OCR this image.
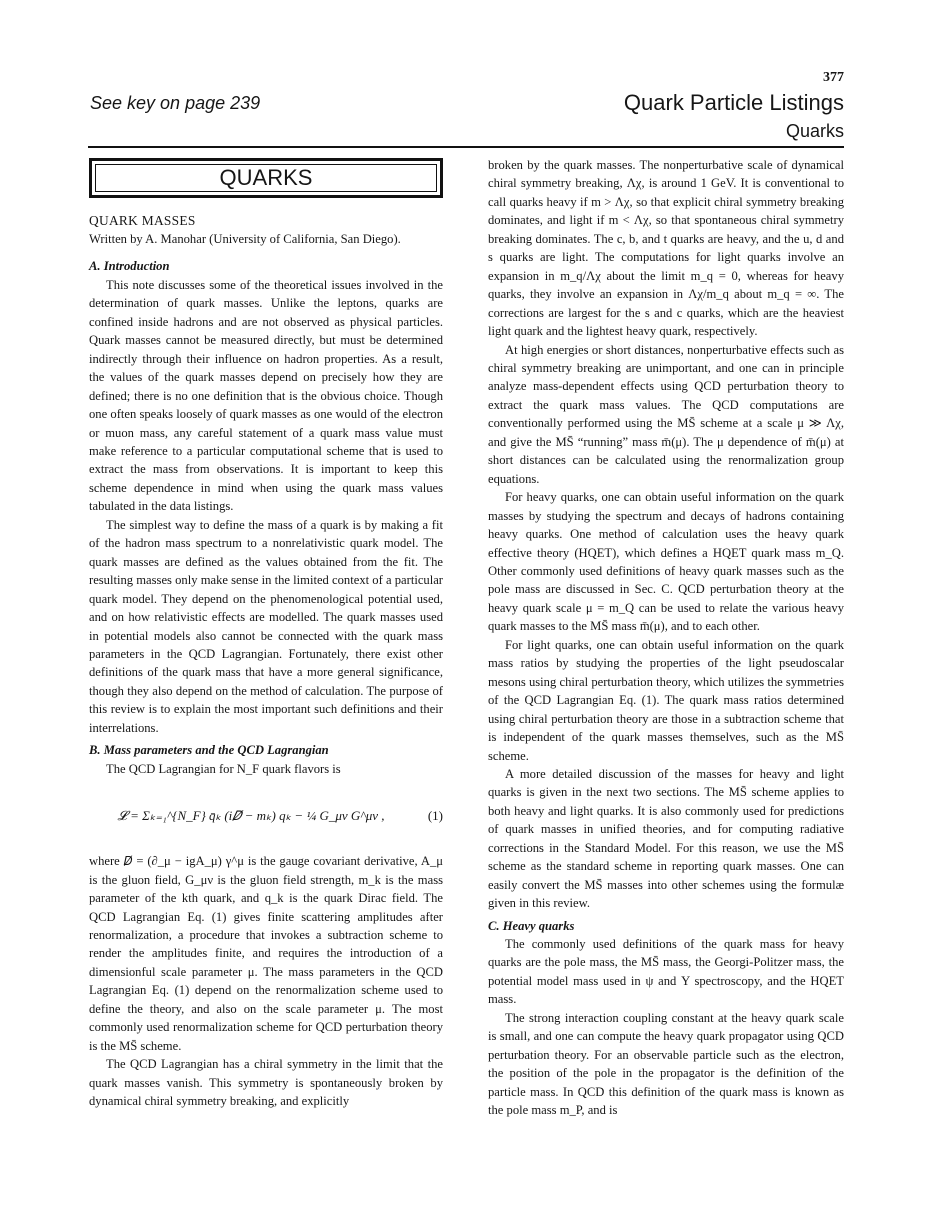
377
See key on page 239	Quark Particle Listings
Quarks
QUARKS
QUARK MASSES
Written by A. Manohar (University of California, San Diego).
A. Introduction

This note discusses some of the theoretical issues involved in the determination of quark masses. Unlike the leptons, quarks are confined inside hadrons and are not observed as physical particles. Quark masses cannot be measured directly, but must be determined indirectly through their influence on hadron properties. As a result, the values of the quark masses depend on precisely how they are defined; there is no one definition that is the obvious choice. Though one often speaks loosely of quark masses as one would of the electron or muon mass, any careful statement of a quark mass value must make reference to a particular computational scheme that is used to extract the mass from observations. It is important to keep this scheme dependence in mind when using the quark mass values tabulated in the data listings.

The simplest way to define the mass of a quark is by making a fit of the hadron mass spectrum to a nonrelativistic quark model. The quark masses are defined as the values obtained from the fit. The resulting masses only make sense in the limited context of a particular quark model. They depend on the phenomenological potential used, and on how relativistic effects are modelled. The quark masses used in potential models also cannot be connected with the quark mass parameters in the QCD Lagrangian. Fortunately, there exist other definitions of the quark mass that have a more general significance, though they also depend on the method of calculation. The purpose of this review is to explain the most important such definitions and their interrelations.

B. Mass parameters and the QCD Lagrangian

The QCD Lagrangian for N_F quark flavors is

𝓛 = Σₖ₌₁^{N_F} q̄ₖ (i𝐷̸ − mₖ) qₖ − ¼ G_μν G^μν ,	(1)

where 𝐷̸ = (∂_μ − igA_μ) γ^μ is the gauge covariant derivative, A_μ is the gluon field, G_μν is the gluon field strength, m_k is the mass parameter of the kth quark, and q_k is the quark Dirac field. The QCD Lagrangian Eq. (1) gives finite scattering amplitudes after renormalization, a procedure that invokes a subtraction scheme to render the amplitudes finite, and requires the introduction of a dimensionful scale parameter μ. The mass parameters in the QCD Lagrangian Eq. (1) depend on the renormalization scheme used to define the theory, and also on the scale parameter μ. The most commonly used renormalization scheme for QCD perturbation theory is the MS̄ scheme.

The QCD Lagrangian has a chiral symmetry in the limit that the quark masses vanish. This symmetry is spontaneously broken by dynamical chiral symmetry breaking, and explicitly

broken by the quark masses. The nonperturbative scale of dynamical chiral symmetry breaking, Λχ, is around 1 GeV. It is conventional to call quarks heavy if m > Λχ, so that explicit chiral symmetry breaking dominates, and light if m < Λχ, so that spontaneous chiral symmetry breaking dominates. The c, b, and t quarks are heavy, and the u, d and s quarks are light. The computations for light quarks involve an expansion in m_q/Λχ about the limit m_q = 0, whereas for heavy quarks, they involve an expansion in Λχ/m_q about m_q = ∞. The corrections are largest for the s and c quarks, which are the heaviest light quark and the lightest heavy quark, respectively.

At high energies or short distances, nonperturbative effects such as chiral symmetry breaking are unimportant, and one can in principle analyze mass-dependent effects using QCD perturbation theory to extract the quark mass values. The QCD computations are conventionally performed using the MS̄ scheme at a scale μ ≫ Λχ, and give the MS̄ “running” mass m̄(μ). The μ dependence of m̄(μ) at short distances can be calculated using the renormalization group equations.

For heavy quarks, one can obtain useful information on the quark masses by studying the spectrum and decays of hadrons containing heavy quarks. One method of calculation uses the heavy quark effective theory (HQET), which defines a HQET quark mass m_Q. Other commonly used definitions of heavy quark masses such as the pole mass are discussed in Sec. C. QCD perturbation theory at the heavy quark scale μ = m_Q can be used to relate the various heavy quark masses to the MS̄ mass m̄(μ), and to each other.

For light quarks, one can obtain useful information on the quark mass ratios by studying the properties of the light pseudoscalar mesons using chiral perturbation theory, which utilizes the symmetries of the QCD Lagrangian Eq. (1). The quark mass ratios determined using chiral perturbation theory are those in a subtraction scheme that is independent of the quark masses themselves, such as the MS̄ scheme.

A more detailed discussion of the masses for heavy and light quarks is given in the next two sections. The MS̄ scheme applies to both heavy and light quarks. It is also commonly used for predictions of quark masses in unified theories, and for computing radiative corrections in the Standard Model. For this reason, we use the MS̄ scheme as the standard scheme in reporting quark masses. One can easily convert the MS̄ masses into other schemes using the formulæ given in this review.

C. Heavy quarks

The commonly used definitions of the quark mass for heavy quarks are the pole mass, the MS̄ mass, the Georgi-Politzer mass, the potential model mass used in ψ and Υ spectroscopy, and the HQET mass.

The strong interaction coupling constant at the heavy quark scale is small, and one can compute the heavy quark propagator using QCD perturbation theory. For an observable particle such as the electron, the position of the pole in the propagator is the definition of the particle mass. In QCD this definition of the quark mass is known as the pole mass m_P, and is
